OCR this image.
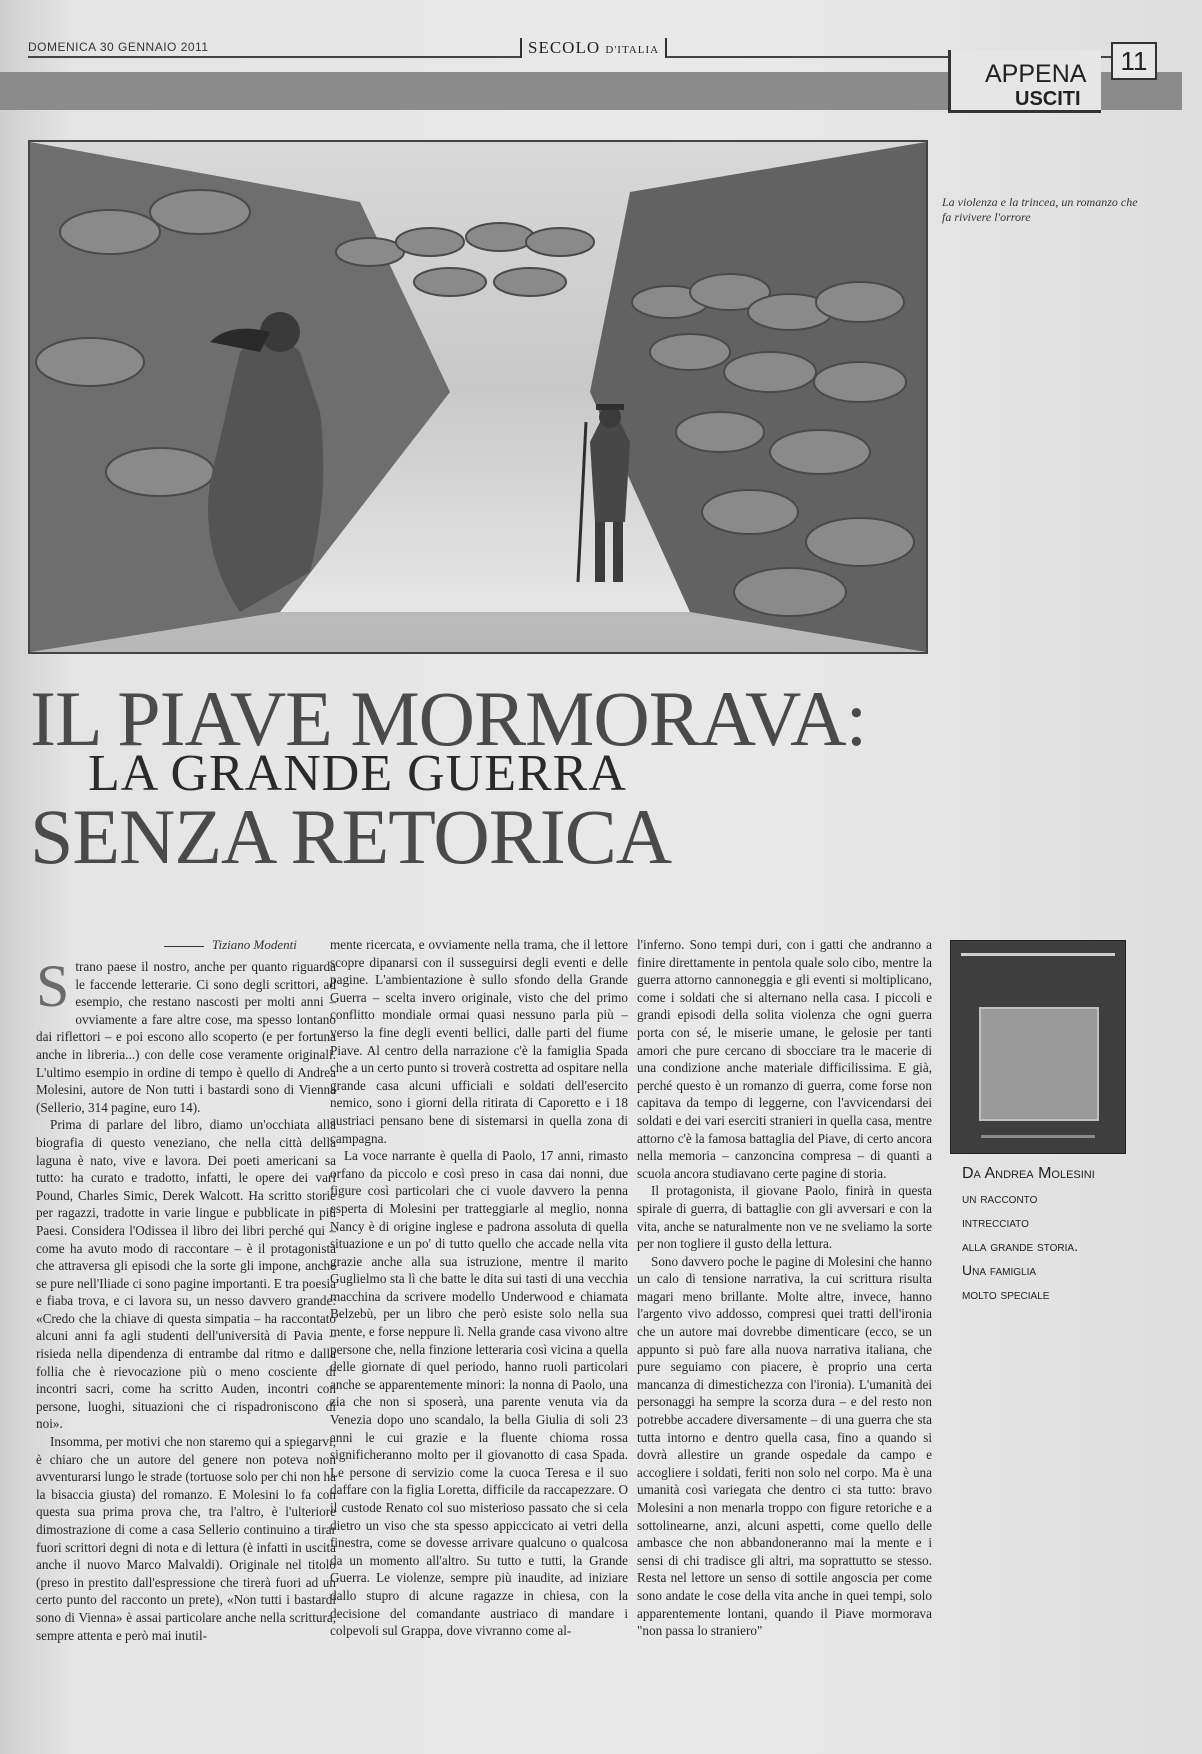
DOMENICA 30 GENNAIO 2011	SECOLO D'ITALIA
APPENA
USCITI
11
La violenza e la trincea, un romanzo che fa rivivere l'orrore
IL PIAVE MORMORAVA:
LA GRANDE GUERRA
SENZA RETORICA
Tiziano Modenti

Strano paese il nostro, anche per quanto riguarda le faccende letterarie. Ci sono degli scrittori, ad esempio, che restano nascosti per molti anni – ovviamente a fare altre cose, ma spesso lontano dai riflettori – e poi escono allo scoperto (e per fortuna anche in libreria...) con delle cose veramente originali. L'ultimo esempio in ordine di tempo è quello di Andrea Molesini, autore de Non tutti i bastardi sono di Vienna (Sellerio, 314 pagine, euro 14).

Prima di parlare del libro, diamo un'occhiata alla biografia di questo veneziano, che nella città della laguna è nato, vive e lavora. Dei poeti americani sa tutto: ha curato e tradotto, infatti, le opere dei vari Pound, Charles Simic, Derek Walcott. Ha scritto storie per ragazzi, tradotte in varie lingue e pubblicate in più Paesi. Considera l'Odissea il libro dei libri perché qui – come ha avuto modo di raccontare – è il protagonista che attraversa gli episodi che la sorte gli impone, anche se pure nell'Iliade ci sono pagine importanti. E tra poesia e fiaba trova, e ci lavora su, un nesso davvero grande: «Credo che la chiave di questa simpatia – ha raccontato alcuni anni fa agli studenti dell'università di Pavia – risieda nella dipendenza di entrambe dal ritmo e dalla follia che è rievocazione più o meno cosciente di incontri sacri, come ha scritto Auden, incontri con persone, luoghi, situazioni che ci rispadroniscono di noi».

Insomma, per motivi che non staremo qui a spiegarvi, è chiaro che un autore del genere non poteva non avventurarsi lungo le strade (tortuose solo per chi non ha la bisaccia giusta) del romanzo. E Molesini lo fa con questa sua prima prova che, tra l'altro, è l'ulteriore dimostrazione di come a casa Sellerio continuino a tirar fuori scrittori degni di nota e di lettura (è infatti in uscita anche il nuovo Marco Malvaldi). Originale nel titolo (preso in prestito dall'espressione che tirerà fuori ad un certo punto del racconto un prete), «Non tutti i bastardi sono di Vienna» è assai particolare anche nella scrittura, sempre attenta e però mai inutil-

mente ricercata, e ovviamente nella trama, che il lettore scopre dipanarsi con il susseguirsi degli eventi e delle pagine. L'ambientazione è sullo sfondo della Grande Guerra – scelta invero originale, visto che del primo conflitto mondiale ormai quasi nessuno parla più – verso la fine degli eventi bellici, dalle parti del fiume Piave. Al centro della narrazione c'è la famiglia Spada che a un certo punto si troverà costretta ad ospitare nella grande casa alcuni ufficiali e soldati dell'esercito nemico, sono i giorni della ritirata di Caporetto e i 18 austriaci pensano bene di sistemarsi in quella zona di campagna.

La voce narrante è quella di Paolo, 17 anni, rimasto orfano da piccolo e così preso in casa dai nonni, due figure così particolari che ci vuole davvero la penna esperta di Molesini per tratteggiarle al meglio, nonna Nancy è di origine inglese e padrona assoluta di quella situazione e un po' di tutto quello che accade nella vita grazie anche alla sua istruzione, mentre il marito Guglielmo sta lì che batte le dita sui tasti di una vecchia macchina da scrivere modello Underwood e chiamata Belzebù, per un libro che però esiste solo nella sua mente, e forse neppure lì. Nella grande casa vivono altre persone che, nella finzione letteraria così vicina a quella delle giornate di quel periodo, hanno ruoli particolari anche se apparentemente minori: la nonna di Paolo, una zia che non si sposerà, una parente venuta via da Venezia dopo uno scandalo, la bella Giulia di soli 23 anni le cui grazie e la fluente chioma rossa significheranno molto per il giovanotto di casa Spada. Le persone di servizio come la cuoca Teresa e il suo daffare con la figlia Loretta, difficile da raccapezzare. O il custode Renato col suo misterioso passato che si cela dietro un viso che sta spesso appiccicato ai vetri della finestra, come se dovesse arrivare qualcuno o qualcosa da un momento all'altro. Su tutto e tutti, la Grande Guerra. Le violenze, sempre più inaudite, ad iniziare dallo stupro di alcune ragazze in chiesa, con la decisione del comandante austriaco di mandare i colpevoli sul Grappa, dove vivranno come al-

l'inferno. Sono tempi duri, con i gatti che andranno a finire direttamente in pentola quale solo cibo, mentre la guerra attorno cannoneggia e gli eventi si moltiplicano, come i soldati che si alternano nella casa. I piccoli e grandi episodi della solita violenza che ogni guerra porta con sé, le miserie umane, le gelosie per tanti amori che pure cercano di sbocciare tra le macerie di una condizione anche materiale difficilissima. E già, perché questo è un romanzo di guerra, come forse non capitava da tempo di leggerne, con l'avvicendarsi dei soldati e dei vari eserciti stranieri in quella casa, mentre attorno c'è la famosa battaglia del Piave, di certo ancora nella memoria – canzoncina compresa – di quanti a scuola ancora studiavano certe pagine di storia.

Il protagonista, il giovane Paolo, finirà in questa spirale di guerra, di battaglie con gli avversari e con la vita, anche se naturalmente non ve ne sveliamo la sorte per non togliere il gusto della lettura.

Sono davvero poche le pagine di Molesini che hanno un calo di tensione narrativa, la cui scrittura risulta magari meno brillante. Molte altre, invece, hanno l'argento vivo addosso, compresi quei tratti dell'ironia che un autore mai dovrebbe dimenticare (ecco, se un appunto si può fare alla nuova narrativa italiana, che pure seguiamo con piacere, è proprio una certa mancanza di dimestichezza con l'ironia). L'umanità dei personaggi ha sempre la scorza dura – e del resto non potrebbe accadere diversamente – di una guerra che sta tutta intorno e dentro quella casa, fino a quando si dovrà allestire un grande ospedale da campo e accogliere i soldati, feriti non solo nel corpo. Ma è una umanità così variegata che dentro ci sta tutto: bravo Molesini a non menarla troppo con figure retoriche e a sottolinearne, anzi, alcuni aspetti, come quello delle ambasce che non abbandoneranno mai la mente e i sensi di chi tradisce gli altri, ma soprattutto se stesso. Resta nel lettore un senso di sottile angoscia per come sono andate le cose della vita anche in quei tempi, solo apparentemente lontani, quando il Piave mormorava "non passa lo straniero"

Da Andrea Molesini
un racconto
intrecciato
alla grande storia.
Una famiglia
molto speciale
